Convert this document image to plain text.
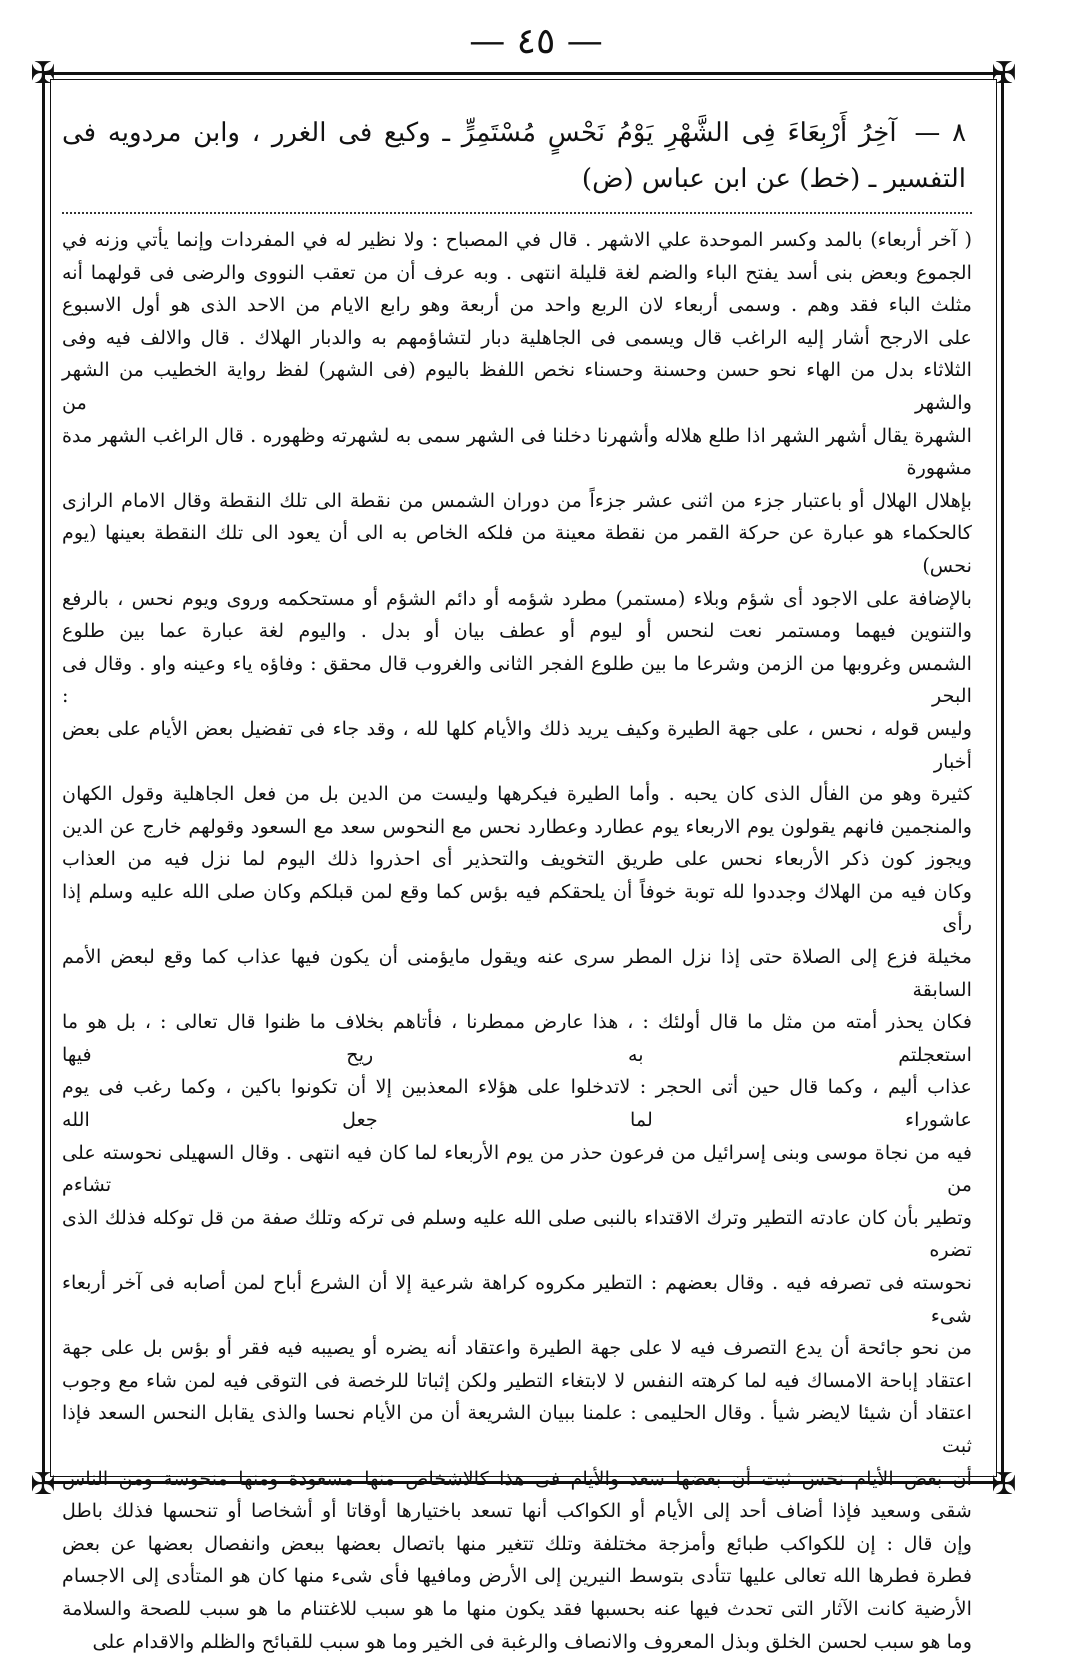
— ٤٥ —
✠	✠
✠	✠
٨ — آخِرُ أَرْبِعَاءَ فِى الشَّهْرِ يَوْمُ نَحْسٍ مُسْتَمِرٍّ ـ وكيع فى الغرر ، وابن مردويه فى التفسير ـ (خط) عن ابن عباس (ض)

( آخر أربعاء) بالمد وكسر الموحدة علي الاشهر . قال في المصباح : ولا نظير له في المفردات وإنما يأتي وزنه في

الجموع وبعض بنى أسد يفتح الباء والضم لغة قليلة انتهى . وبه عرف أن من تعقب النووى والرضى فى قولهما أنه

مثلث الباء فقد وهم . وسمى أربعاء لان الربع واحد من أربعة وهو رابع الايام من الاحد الذى هو أول الاسبوع

على الارجح أشار إليه الراغب قال ويسمى فى الجاهلية دبار لتشاؤمهم به والدبار الهلاك . قال والالف فيه وفى

الثلاثاء بدل من الهاء نحو حسن وحسنة وحسناء نخص اللفظ باليوم (فى الشهر) لفظ رواية الخطيب من الشهر والشهر من

الشهرة يقال أشهر الشهر اذا طلع هلاله وأشهرنا دخلنا فى الشهر سمى به لشهرته وظهوره . قال الراغب الشهر مدة مشهورة

بإهلال الهلال أو باعتبار جزء من اثنى عشر جزءاً من دوران الشمس من نقطة الى تلك النقطة وقال الامام الرازى

كالحكماء هو عبارة عن حركة القمر من نقطة معينة من فلكه الخاص به الى أن يعود الى تلك النقطة بعينها (يوم نحس)

بالإضافة على الاجود أى شؤم وبلاء (مستمر) مطرد شؤمه أو دائم الشؤم أو مستحكمه وروى ويوم نحس ، بالرفع

والتنوين فيهما ومستمر نعت لنحس أو ليوم أو عطف بيان أو بدل . واليوم لغة عبارة عما بين طلوع

الشمس وغروبها من الزمن وشرعا ما بين طلوع الفجر الثانى والغروب قال محقق : وفاؤه ياء وعينه واو . وقال فى البحر :

وليس قوله ، نحس ، على جهة الطيرة وكيف يريد ذلك والأيام كلها لله ، وقد جاء فى تفضيل بعض الأيام على بعض أخبار

كثيرة وهو من الفأل الذى كان يحبه . وأما الطيرة فيكرهها وليست من الدين بل من فعل الجاهلية وقول الكهان

والمنجمين فانهم يقولون يوم الاربعاء يوم عطارد وعطارد نحس مع النحوس سعد مع السعود وقولهم خارج عن الدين

ويجوز كون ذكر الأربعاء نحس على طريق التخويف والتحذير أى احذروا ذلك اليوم لما نزل فيه من العذاب

وكان فيه من الهلاك وجددوا لله توبة خوفاً أن يلحقكم فيه بؤس كما وقع لمن قبلكم وكان صلى الله عليه وسلم إذا رأى

مخيلة فزع إلى الصلاة حتى إذا نزل المطر سرى عنه ويقول مايؤمنى أن يكون فيها عذاب كما وقع لبعض الأمم السابقة

فكان يحذر أمته من مثل ما قال أولئك : ، هذا عارض ممطرنا ، فأتاهم بخلاف ما ظنوا قال تعالى : ، بل هو ما استعجلتم به ريح فيها

عذاب أليم ، وكما قال حين أتى الحجر : لاتدخلوا على هؤلاء المعذبين إلا أن تكونوا باكين ، وكما رغب فى يوم عاشوراء لما جعل الله

فيه من نجاة موسى وبنى إسرائيل من فرعون حذر من يوم الأربعاء لما كان فيه انتهى . وقال السهيلى نحوسته على من تشاءم

وتطير بأن كان عادته التطير وترك الاقتداء بالنبى صلى الله عليه وسلم فى تركه وتلك صفة من قل توكله فذلك الذى تضره

نحوسته فى تصرفه فيه . وقال بعضهم : التطير مكروه كراهة شرعية إلا أن الشرع أباح لمن أصابه فى آخر أربعاء شىء

من نحو جائحة أن يدع التصرف فيه لا على جهة الطيرة واعتقاد أنه يضره أو يصيبه فيه فقر أو بؤس بل على جهة

اعتقاد إباحة الامساك فيه لما كرهته النفس لا لابتغاء التطير ولكن إثباتا للرخصة فى التوقى فيه لمن شاء مع وجوب

اعتقاد أن شيئا لايضر شيأ . وقال الحليمى : علمنا ببيان الشريعة أن من الأيام نحسا والذى يقابل النحس السعد فإذا ثبت

أن بعض الأيام نحس ثبت أن بعضها سعد والأيام فى هذا كالاشخاص منها مسعودة ومنها منحوسة ومن الناس

شقى وسعيد فإذا أضاف أحد إلى الأيام أو الكواكب أنها تسعد باختيارها أوقاتا أو أشخاصا أو تنحسها فذلك باطل

وإن قال : إن للكواكب طبائع وأمزجة مختلفة وتلك تتغير منها باتصال بعضها ببعض وانفصال بعضها عن بعض

فطرة فطرها الله تعالى عليها تتأدى بتوسط النيرين إلى الأرض ومافيها فأى شىء منها كان هو المتأدى إلى الاجسام

الأرضية كانت الآثار التى تحدث فيها عنه بحسبها فقد يكون منها ما هو سبب للاغتنام ما هو سبب للصحة والسلامة

وما هو سبب لحسن الخلق وبذل المعروف والانصاف والرغبة فى الخير وما هو سبب للقبائح والظلم والاقدام على
